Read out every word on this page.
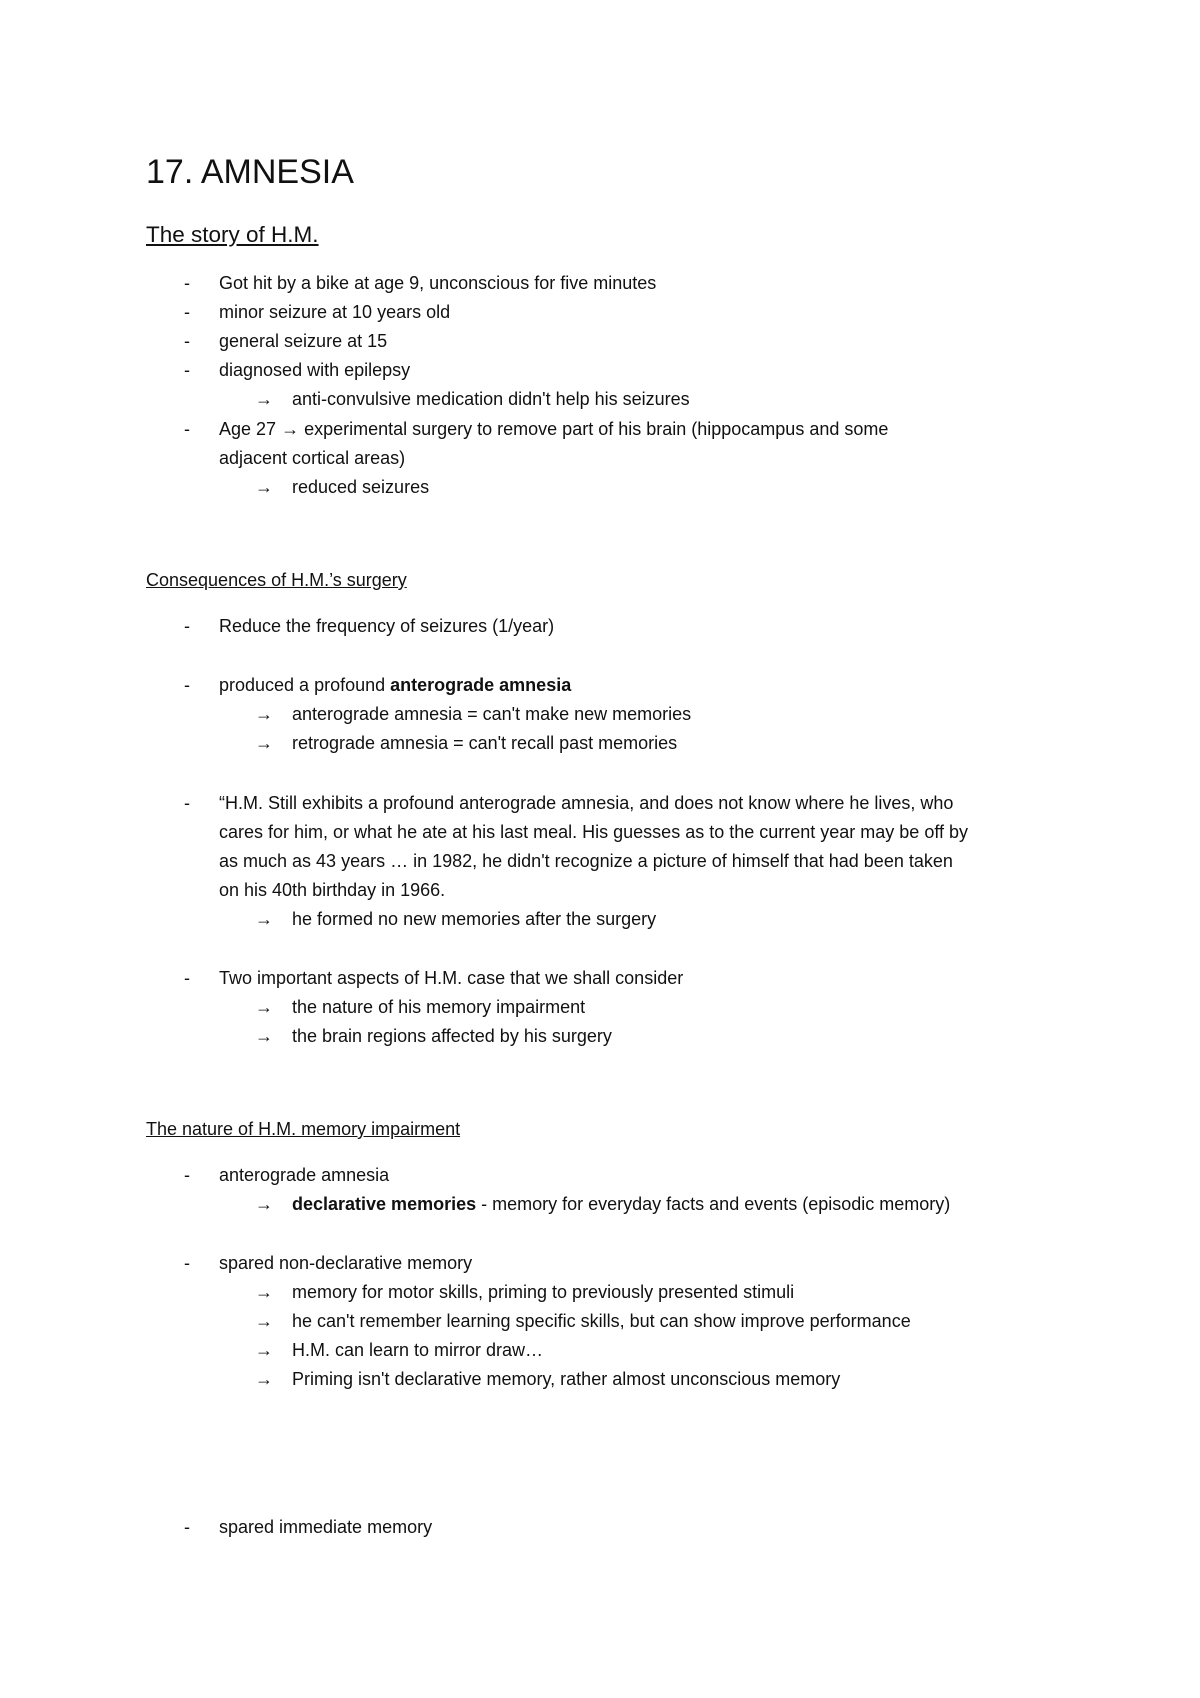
17. AMNESIA
The story of H.M.
- Got hit by a bike at age 9, unconscious for five minutes
- minor seizure at 10 years old
- general seizure at 15
- diagnosed with epilepsy
→ anti-convulsive medication didn't help his seizures
- Age 27 → experimental surgery to remove part of his brain (hippocampus and some
adjacent cortical areas)
→ reduced seizures
Consequences of H.M.’s surgery
- Reduce the frequency of seizures (1/year)
- produced a profound anterograde amnesia
→ anterograde amnesia = can't make new memories
→ retrograde amnesia = can't recall past memories
- “H.M. Still exhibits a profound anterograde amnesia, and does not know where he lives, who
cares for him, or what he ate at his last meal. His guesses as to the current year may be off by
as much as 43 years … in 1982, he didn't recognize a picture of himself that had been taken
on his 40th birthday in 1966.
→ he formed no new memories after the surgery
- Two important aspects of H.M. case that we shall consider
→ the nature of his memory impairment
→ the brain regions affected by his surgery
The nature of H.M. memory impairment
- anterograde amnesia
→ declarative memories - memory for everyday facts and events (episodic memory)
- spared non-declarative memory
→ memory for motor skills, priming to previously presented stimuli
→ he can't remember learning specific skills, but can show improve performance
→ H.M. can learn to mirror draw…
→ Priming isn't declarative memory, rather almost unconscious memory
- spared immediate memory
